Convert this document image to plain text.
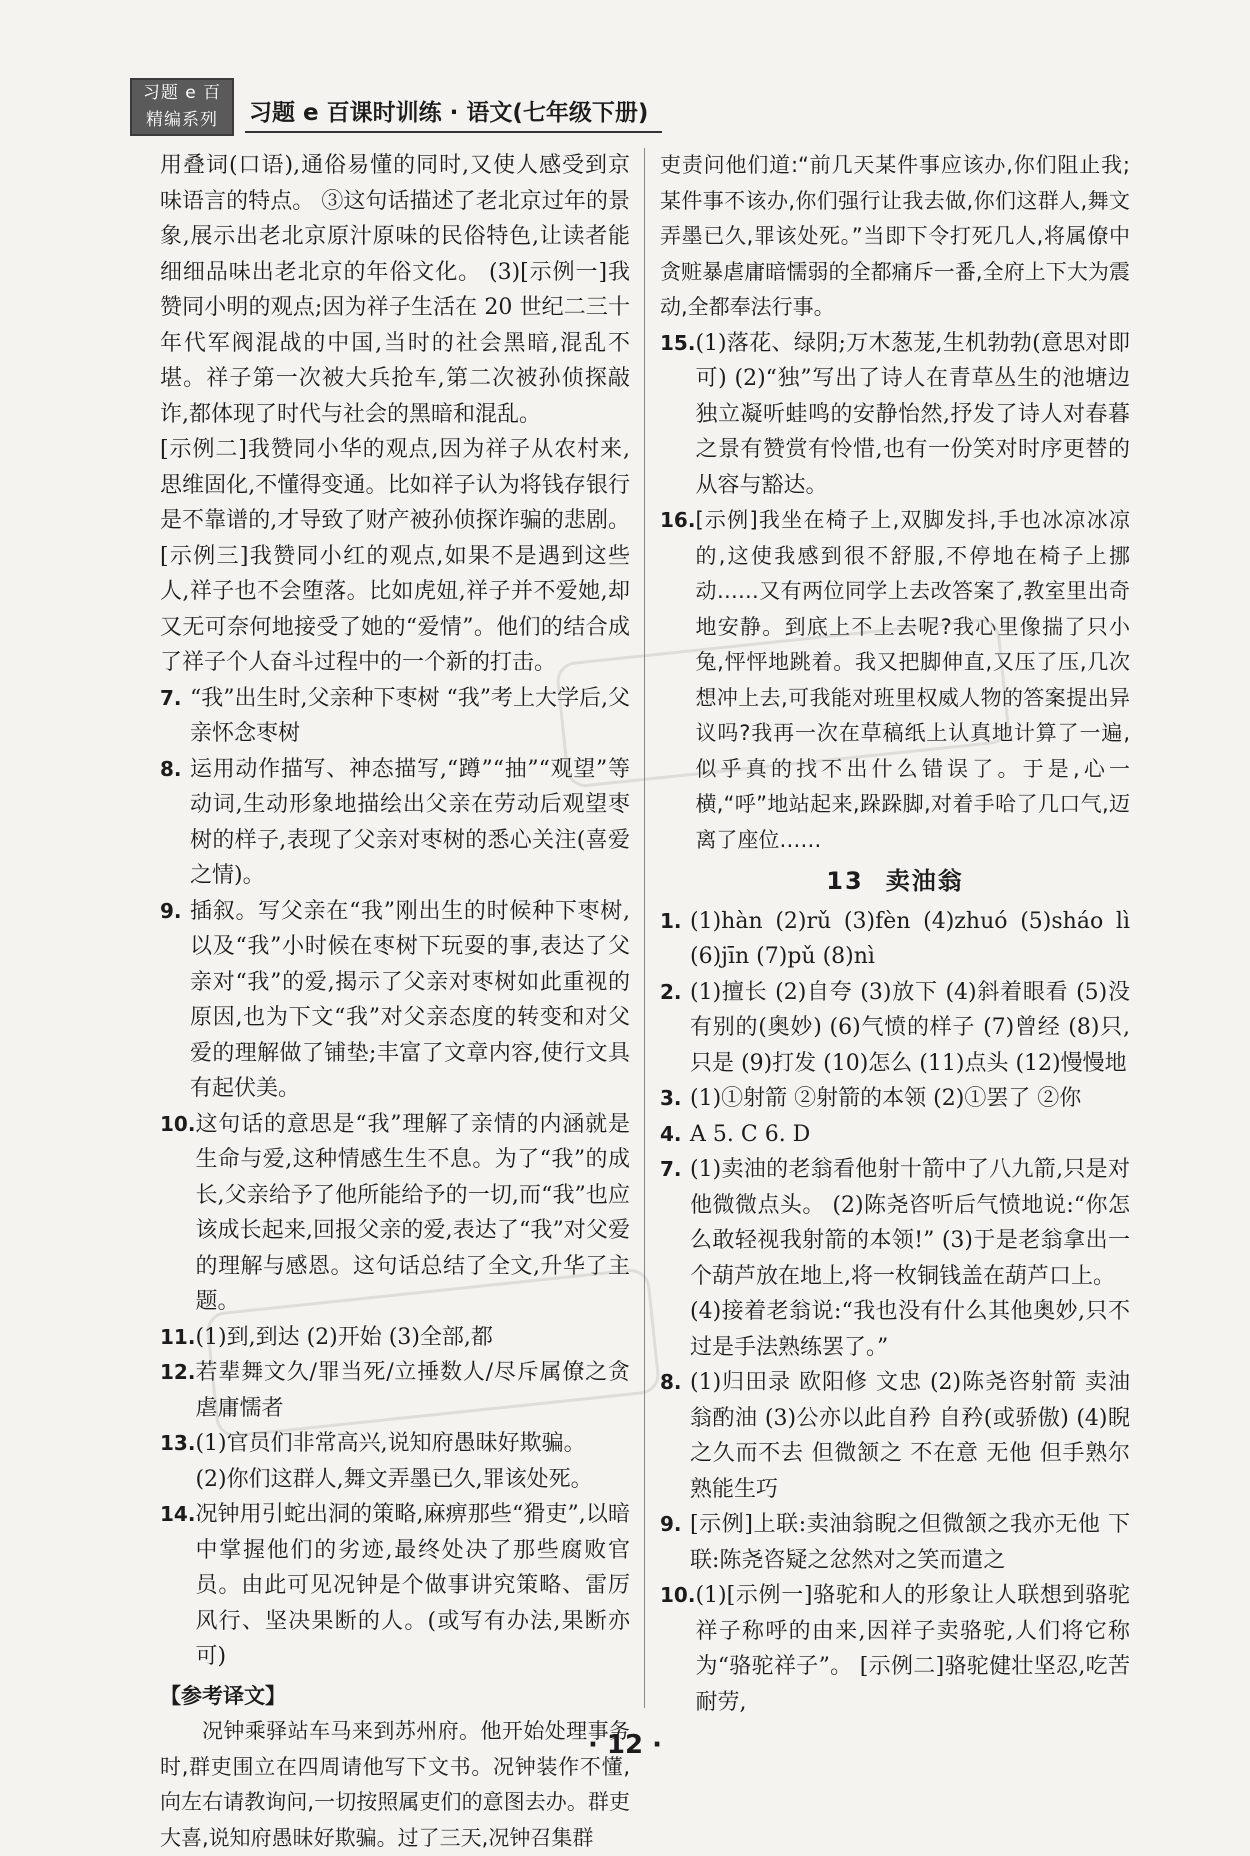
习题 e 百
精编系列	习题 e 百课时训练 · 语文(七年级下册)
用叠词(口语),通俗易懂的同时,又使人感受到京味语言的特点。 ③这句话描述了老北京过年的景象,展示出老北京原汁原味的民俗特色,让读者能细细品味出老北京的年俗文化。 (3)[示例一]我赞同小明的观点;因为祥子生活在 20 世纪二三十年代军阀混战的中国,当时的社会黑暗,混乱不堪。祥子第一次被大兵抢车,第二次被孙侦探敲诈,都体现了时代与社会的黑暗和混乱。
[示例二]我赞同小华的观点,因为祥子从农村来,思维固化,不懂得变通。比如祥子认为将钱存银行是不靠谱的,才导致了财产被孙侦探诈骗的悲剧。 [示例三]我赞同小红的观点,如果不是遇到这些人,祥子也不会堕落。比如虎妞,祥子并不爱她,却又无可奈何地接受了她的“爱情”。他们的结合成了祥子个人奋斗过程中的一个新的打击。
7. “我”出生时,父亲种下枣树 “我”考上大学后,父亲怀念枣树
8. 运用动作描写、神态描写,“蹲”“抽”“观望”等动词,生动形象地描绘出父亲在劳动后观望枣树的样子,表现了父亲对枣树的悉心关注(喜爱之情)。
9. 插叙。写父亲在“我”刚出生的时候种下枣树,以及“我”小时候在枣树下玩耍的事,表达了父亲对“我”的爱,揭示了父亲对枣树如此重视的原因,也为下文“我”对父亲态度的转变和对父爱的理解做了铺垫;丰富了文章内容,使行文具有起伏美。
10. 这句话的意思是“我”理解了亲情的内涵就是生命与爱,这种情感生生不息。为了“我”的成长,父亲给予了他所能给予的一切,而“我”也应该成长起来,回报父亲的爱,表达了“我”对父爱的理解与感恩。这句话总结了全文,升华了主题。
11. (1)到,到达 (2)开始 (3)全部,都
12. 若辈舞文久/罪当死/立捶数人/尽斥属僚之贪虐庸懦者
13. (1)官员们非常高兴,说知府愚昧好欺骗。
(2)你们这群人,舞文弄墨已久,罪该处死。
14. 况钟用引蛇出洞的策略,麻痹那些“猾吏”,以暗中掌握他们的劣迹,最终处决了那些腐败官员。由此可见况钟是个做事讲究策略、雷厉风行、坚决果断的人。(或写有办法,果断亦可)
【参考译文】
况钟乘驿站车马来到苏州府。他开始处理事务时,群吏围立在四周请他写下文书。况钟装作不懂,向左右请教询问,一切按照属吏们的意图去办。群吏大喜,说知府愚昧好欺骗。过了三天,况钟召集群
吏责问他们道:“前几天某件事应该办,你们阻止我;某件事不该办,你们强行让我去做,你们这群人,舞文弄墨已久,罪该处死。”当即下令打死几人,将属僚中贪赃暴虐庸暗懦弱的全都痛斥一番,全府上下大为震动,全都奉法行事。
15. (1)落花、绿阴;万木葱茏,生机勃勃(意思对即可) (2)“独”写出了诗人在青草丛生的池塘边独立凝听蛙鸣的安静怡然,抒发了诗人对春暮之景有赞赏有怜惜,也有一份笑对时序更替的从容与豁达。
16. [示例]我坐在椅子上,双脚发抖,手也冰凉冰凉的,这使我感到很不舒服,不停地在椅子上挪动……又有两位同学上去改答案了,教室里出奇地安静。到底上不上去呢?我心里像揣了只小兔,怦怦地跳着。我又把脚伸直,又压了压,几次想冲上去,可我能对班里权威人物的答案提出异议吗?我再一次在草稿纸上认真地计算了一遍,似乎真的找不出什么错误了。于是,心一横,“呼”地站起来,跺跺脚,对着手哈了几口气,迈离了座位……
13 卖油翁
1. (1)hàn (2)rǔ (3)fèn (4)zhuó (5)sháo lì (6)jīn (7)pǔ (8)nì
2. (1)擅长 (2)自夸 (3)放下 (4)斜着眼看 (5)没有别的(奥妙) (6)气愤的样子 (7)曾经 (8)只,只是 (9)打发 (10)怎么 (11)点头 (12)慢慢地
3. (1)①射箭 ②射箭的本领 (2)①罢了 ②你
4. A 5. C 6. D
7. (1)卖油的老翁看他射十箭中了八九箭,只是对他微微点头。 (2)陈尧咨听后气愤地说:“你怎么敢轻视我射箭的本领!” (3)于是老翁拿出一个葫芦放在地上,将一枚铜钱盖在葫芦口上。
(4)接着老翁说:“我也没有什么其他奥妙,只不过是手法熟练罢了。”
8. (1)归田录 欧阳修 文忠 (2)陈尧咨射箭 卖油翁酌油 (3)公亦以此自矜 自矜(或骄傲) (4)睨之久而不去 但微颔之 不在意 无他 但手熟尔 熟能生巧
9. [示例]上联:卖油翁睨之但微颔之我亦无他 下联:陈尧咨疑之忿然对之笑而遣之
10. (1)[示例一]骆驼和人的形象让人联想到骆驼祥子称呼的由来,因祥子卖骆驼,人们将它称为“骆驼祥子”。 [示例二]骆驼健壮坚忍,吃苦耐劳,
· 12 ·
